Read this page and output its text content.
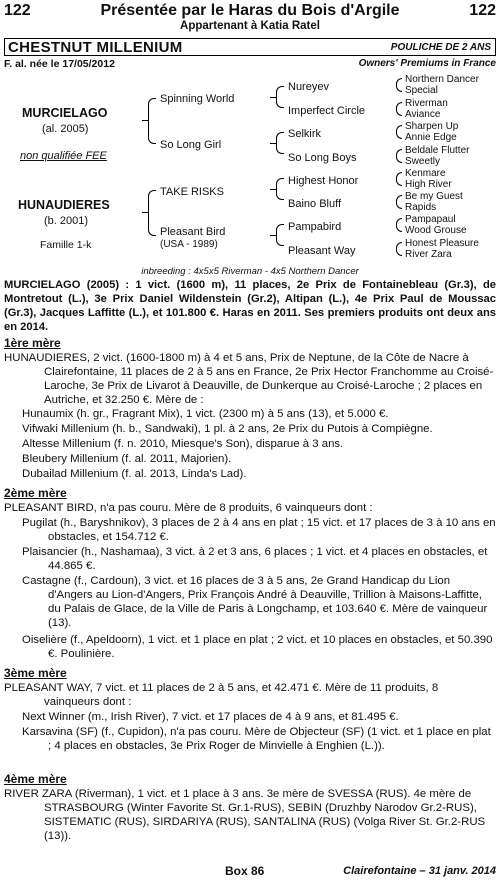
122	Présentée par le Haras du Bois d'Argile	122
Appartenant à Katia Ratel
CHESTNUT MILLENIUM	POULICHE DE 2 ANS
F. al. née le 17/05/2012	Owners' Premiums in France
MURCIELAGO
(al. 2005)
non qualifiée FEE
HUNAUDIERES
(b. 2001)
Famille 1-k
Spinning World
So Long Girl
TAKE RISKS
Pleasant Bird
(USA - 1989)
Nureyev
Imperfect Circle
Selkirk
So Long Boys
Highest Honor
Baino Bluff
Pampabird
Pleasant Way
Northern Dancer
Special
Riverman
Aviance
Sharpen Up
Annie Edge
Beldale Flutter
Sweetly
Kenmare
High River
Be my Guest
Rapids
Pampapaul
Wood Grouse
Honest Pleasure
River Zara
inbreeding : 4x5x5 Riverman - 4x5 Northern Dancer
MURCIELAGO (2005) : 1 vict. (1600 m), 11 places, 2e Prix de Fontainebleau (Gr.3), de Montretout (L.), 3e Prix Daniel Wildenstein (Gr.2), Altipan (L.), 4e Prix Paul de Moussac (Gr.3), Jacques Laffitte (L.), et 101.800 €. Haras en 2011. Ses premiers produits ont deux ans en 2014.
1ère mère
HUNAUDIERES, 2 vict. (1600-1800 m) à 4 et 5 ans, Prix de Neptune, de la Côte de Nacre à Clairefontaine, 11 places de 2 à 5 ans en France, 2e Prix Hector Franchomme au Croisé-Laroche, 3e Prix de Livarot à Deauville, de Dunkerque au Croisé-Laroche ; 2 places en Autriche, et 32.250 €. Mère de :
Hunaumix (h. gr., Fragrant Mix), 1 vict. (2300 m) à 5 ans (13), et 5.000 €.
Vifwaki Millenium (h. b., Sandwaki), 1 pl. à 2 ans, 2e Prix du Putois à Compiègne.
Altesse Millenium (f. n. 2010, Miesque's Son), disparue à 3 ans.
Bleubery Millenium (f. al. 2011, Majorien).
Dubailad Millenium (f. al. 2013, Linda's Lad).
2ème mère
PLEASANT BIRD, n'a pas couru. Mère de 8 produits, 6 vainqueurs dont :
Pugilat (h., Baryshnikov), 3 places de 2 à 4 ans en plat ; 15 vict. et 17 places de 3 à 10 ans en obstacles, et 154.712 €.
Plaisancier (h., Nashamaa), 3 vict. à 2 et 3 ans, 6 places ; 1 vict. et 4 places en obstacles, et 44.865 €.
Castagne (f., Cardoun), 3 vict. et 16 places de 3 à 5 ans, 2e Grand Handicap du Lion d'Angers au Lion-d'Angers, Prix François André à Deauville, Trillion à Maisons-Laffitte, du Palais de Glace, de la Ville de Paris à Longchamp, et 103.640 €. Mère de vainqueur (13).
Oiselière (f., Apeldoorn), 1 vict. et 1 place en plat ; 2 vict. et 10 places en obstacles, et 50.390 €. Poulinière.
3ème mère
PLEASANT WAY, 7 vict. et 11 places de 2 à 5 ans, et 42.471 €. Mère de 11 produits, 8 vainqueurs dont :
Next Winner (m., Irish River), 7 vict. et 17 places de 4 à 9 ans, et 81.495 €.
Karsavina (SF) (f., Cupidon), n'a pas couru. Mère de Objecteur (SF) (1 vict. et 1 place en plat ; 4 places en obstacles, 3e Prix Roger de Minvielle à Enghien (L.)).
4ème mère
RIVER ZARA (Riverman), 1 vict. et 1 place à 3 ans. 3e mère de SVESSA (RUS). 4e mère de STRASBOURG (Winter Favorite St. Gr.1-RUS), SEBIN (Druzhby Narodov Gr.2-RUS), SISTEMATIC (RUS), SIRDARIYA (RUS), SANTALINA (RUS) (Volga River St. Gr.2-RUS (13)).
Box 86	Clairefontaine – 31 janv. 2014
